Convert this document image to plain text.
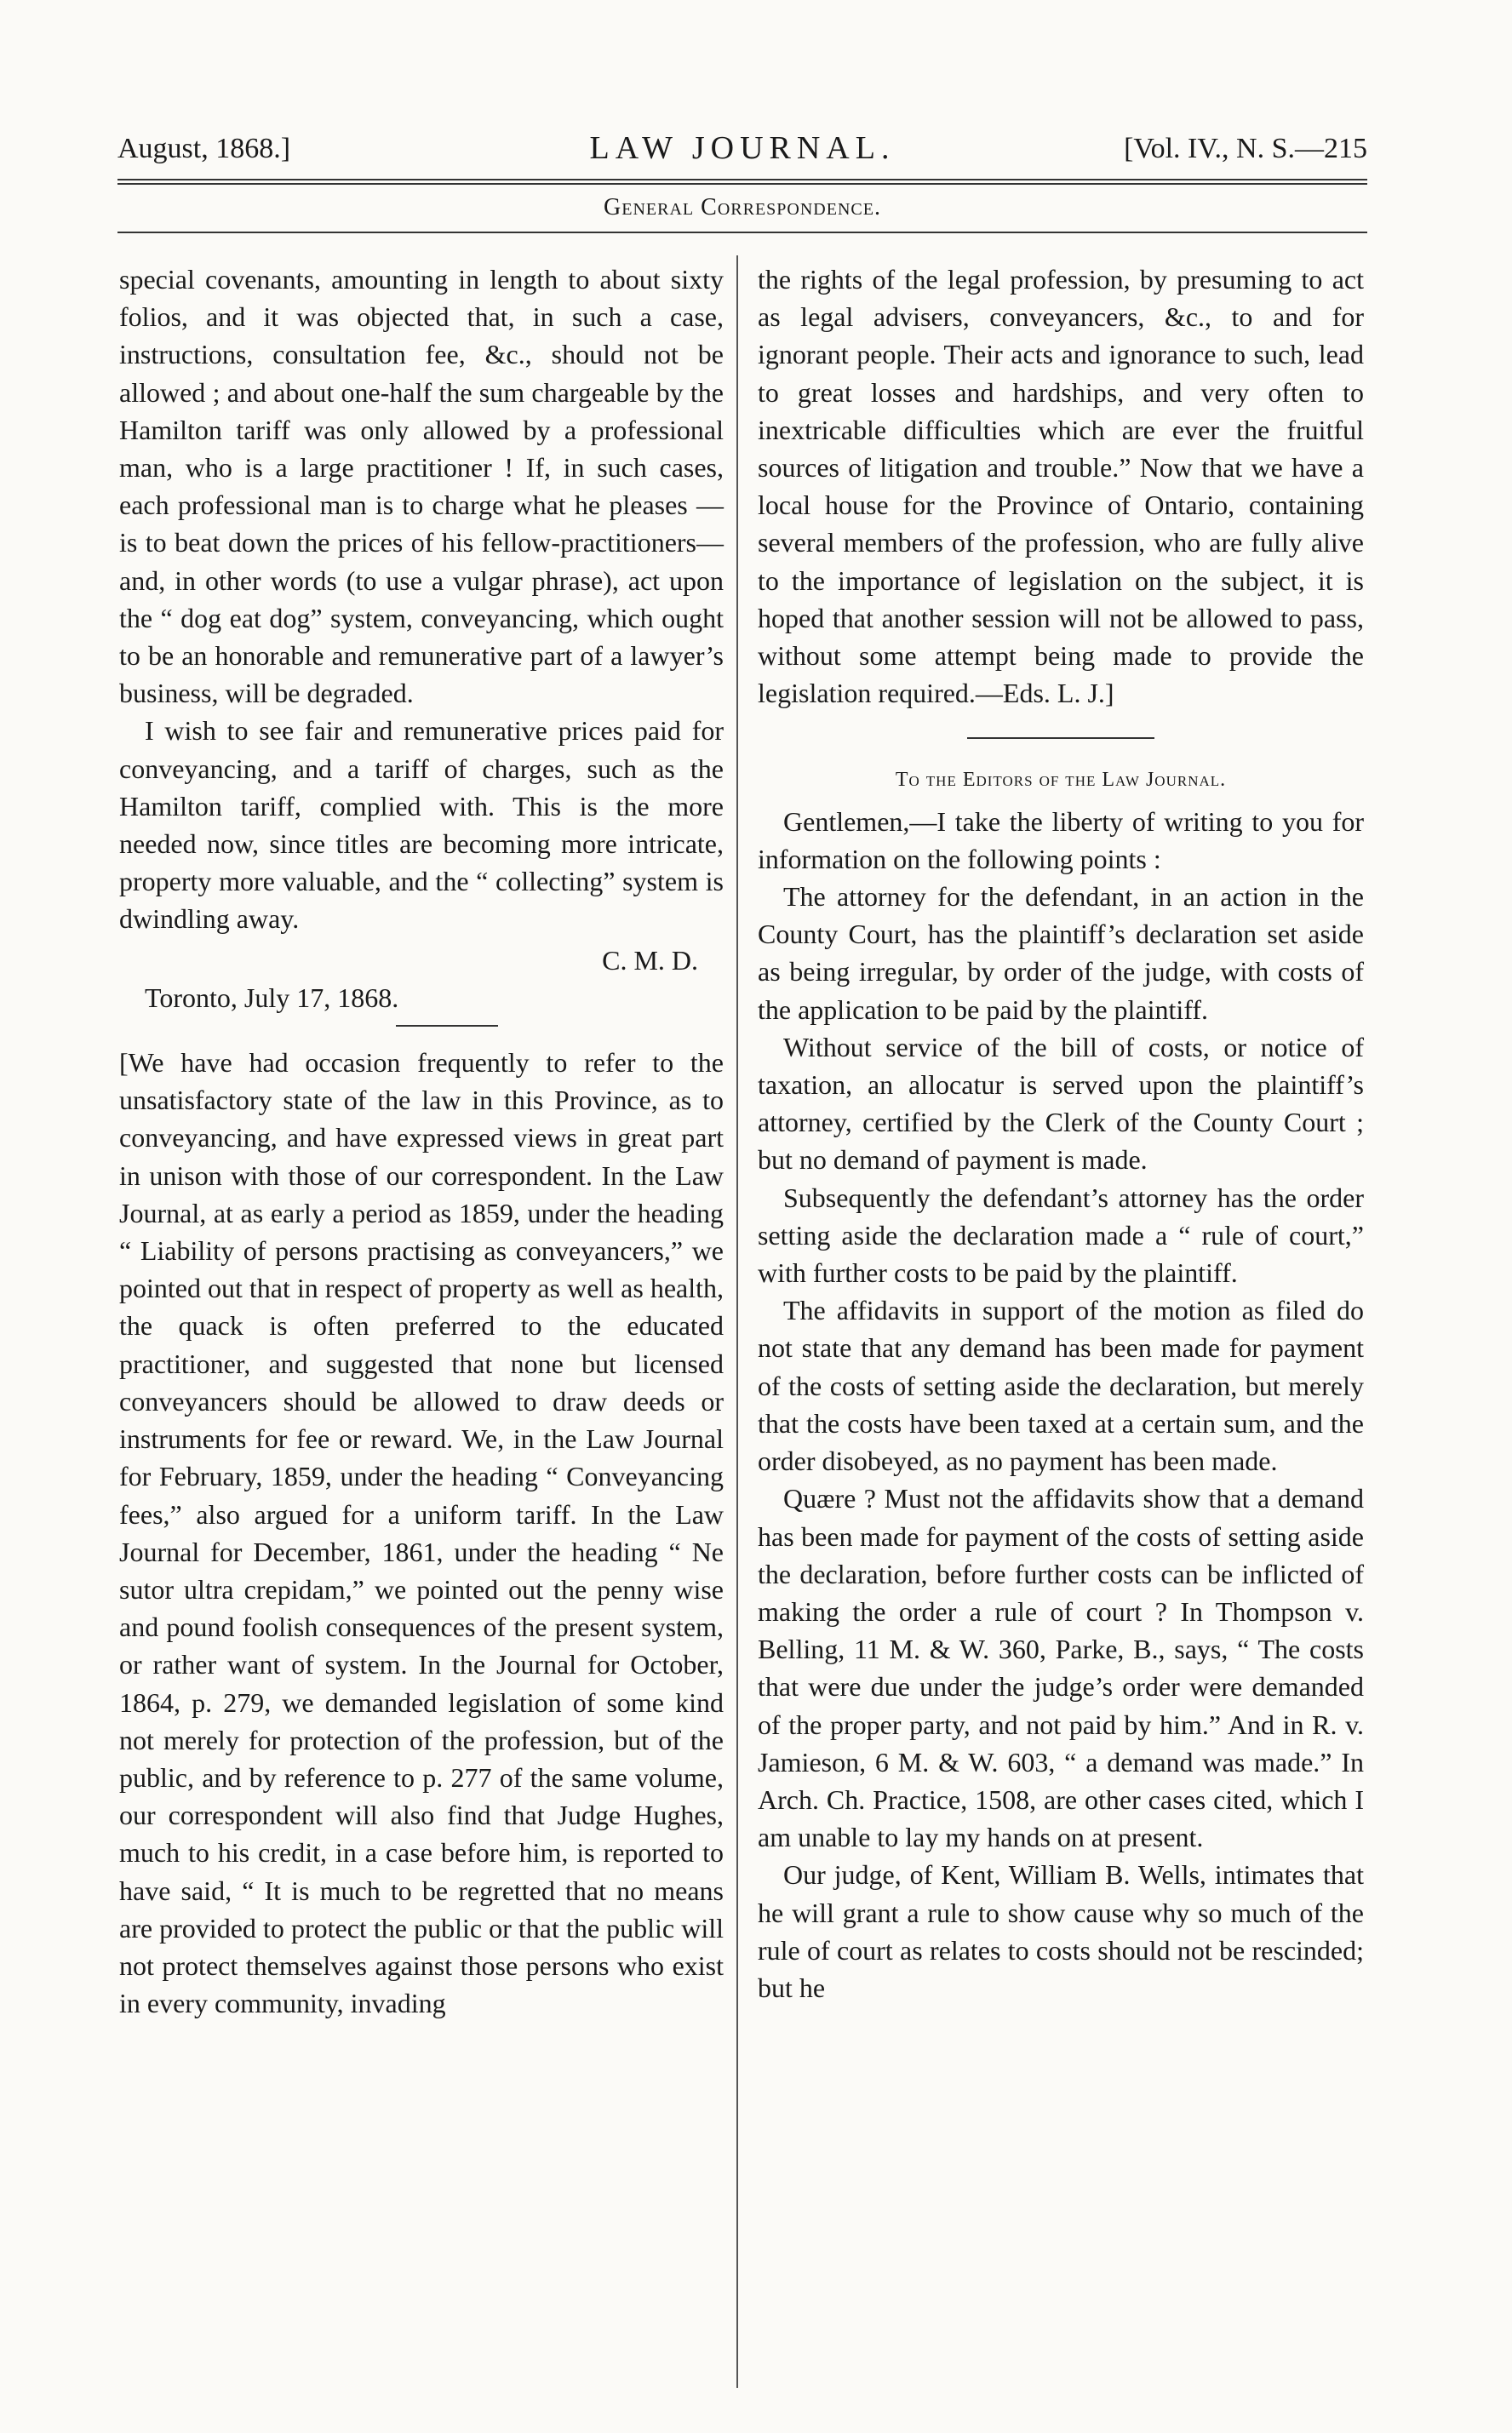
August, 1868.]	LAW JOURNAL.	[Vol. IV., N. S.—215
General Correspondence.

special covenants, amounting in length to about sixty folios, and it was objected that, in such a case, instructions, consultation fee, &c., should not be allowed ; and about one-half the sum chargeable by the Hamilton tariff was only allowed by a professional man, who is a large practitioner ! If, in such cases, each professional man is to charge what he pleases —is to beat down the prices of his fellow-practitioners—and, in other words (to use a vulgar phrase), act upon the “ dog eat dog” system, conveyancing, which ought to be an honorable and remunerative part of a lawyer’s business, will be degraded.

I wish to see fair and remunerative prices paid for conveyancing, and a tariff of charges, such as the Hamilton tariff, complied with. This is the more needed now, since titles are becoming more intricate, property more valuable, and the “ collecting” system is dwindling away.

C. M. D.

Toronto, July 17, 1868.

[We have had occasion frequently to refer to the unsatisfactory state of the law in this Province, as to conveyancing, and have expressed views in great part in unison with those of our correspondent. In the Law Journal, at as early a period as 1859, under the heading “ Liability of persons practising as conveyancers,” we pointed out that in respect of property as well as health, the quack is often preferred to the educated practitioner, and suggested that none but licensed conveyancers should be allowed to draw deeds or instruments for fee or reward. We, in the Law Journal for February, 1859, under the heading “ Conveyancing fees,” also argued for a uniform tariff. In the Law Journal for December, 1861, under the heading “ Ne sutor ultra crepidam,” we pointed out the penny wise and pound foolish consequences of the present system, or rather want of system. In the Journal for October, 1864, p. 279, we demanded legislation of some kind not merely for protection of the profession, but of the public, and by reference to p. 277 of the same volume, our correspondent will also find that Judge Hughes, much to his credit, in a case before him, is reported to have said, “ It is much to be regretted that no means are provided to protect the public or that the public will not protect themselves against those persons who exist in every community, invading

the rights of the legal profession, by presuming to act as legal advisers, conveyancers, &c., to and for ignorant people. Their acts and ignorance to such, lead to great losses and hardships, and very often to inextricable difficulties which are ever the fruitful sources of litigation and trouble.” Now that we have a local house for the Province of Ontario, containing several members of the profession, who are fully alive to the importance of legislation on the subject, it is hoped that another session will not be allowed to pass, without some attempt being made to provide the legislation required.—Eds. L. J.]

To the Editors of the Law Journal.

Gentlemen,—I take the liberty of writing to you for information on the following points :

The attorney for the defendant, in an action in the County Court, has the plaintiff’s declaration set aside as being irregular, by order of the judge, with costs of the application to be paid by the plaintiff.

Without service of the bill of costs, or notice of taxation, an allocatur is served upon the plaintiff’s attorney, certified by the Clerk of the County Court ; but no demand of payment is made.

Subsequently the defendant’s attorney has the order setting aside the declaration made a “ rule of court,” with further costs to be paid by the plaintiff.

The affidavits in support of the motion as filed do not state that any demand has been made for payment of the costs of setting aside the declaration, but merely that the costs have been taxed at a certain sum, and the order disobeyed, as no payment has been made.

Quære ? Must not the affidavits show that a demand has been made for payment of the costs of setting aside the declaration, before further costs can be inflicted of making the order a rule of court ? In Thompson v. Belling, 11 M. & W. 360, Parke, B., says, “ The costs that were due under the judge’s order were demanded of the proper party, and not paid by him.” And in R. v. Jamieson, 6 M. & W. 603, “ a demand was made.” In Arch. Ch. Practice, 1508, are other cases cited, which I am unable to lay my hands on at present.

Our judge, of Kent, William B. Wells, intimates that he will grant a rule to show cause why so much of the rule of court as relates to costs should not be rescinded; but he
